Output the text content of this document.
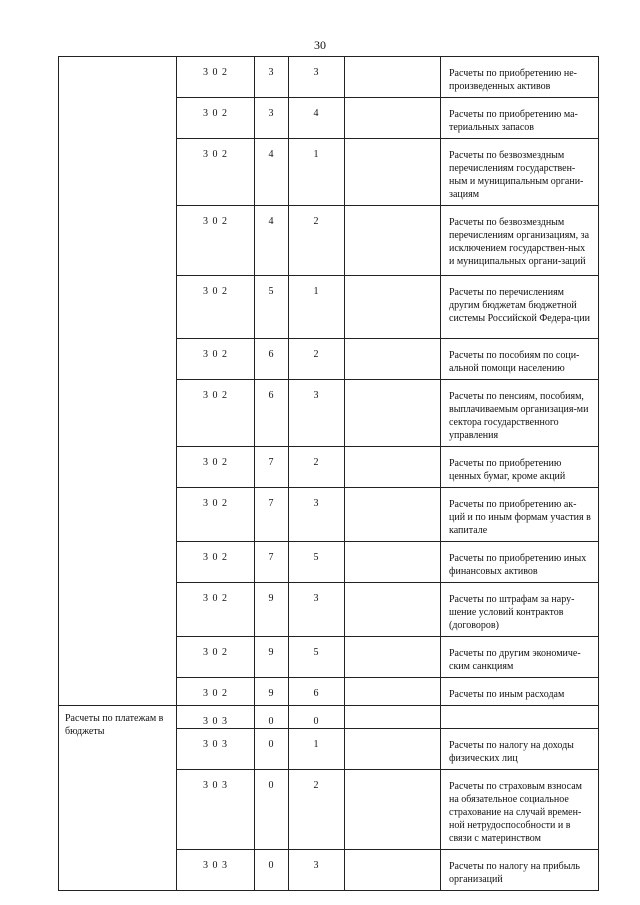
30
	3 0 2	3	3		Расчеты по приобретению не-произведенных активов
	3 0 2	3	4		Расчеты по приобретению ма-териальных запасов
	3 0 2	4	1		Расчеты по безвозмездным перечислениям государствен-ным и муниципальным органи-зациям
	3 0 2	4	2		Расчеты по безвозмездным перечислениям организациям, за исключением государствен-ных и муниципальных органи-заций
	3 0 2	5	1		Расчеты по перечислениям другим бюджетам бюджетной системы Российской Федера-ции
	3 0 2	6	2		Расчеты по пособиям по соци-альной помощи населению
	3 0 2	6	3		Расчеты по пенсиям, пособиям, выплачиваемым организация-ми сектора государственного управления
	3 0 2	7	2		Расчеты по приобретению ценных бумаг, кроме акций
	3 0 2	7	3		Расчеты по приобретению ак-ций и по иным формам участия в капитале
	3 0 2	7	5		Расчеты по приобретению иных финансовых активов
	3 0 2	9	3		Расчеты по штрафам за нару-шение условий контрактов (договоров)
	3 0 2	9	5		Расчеты по другим экономиче-ским санкциям
	3 0 2	9	6		Расчеты по иным расходам
Расчеты по платежам в бюджеты	3 0 3	0	0		
	3 0 3	0	1		Расчеты по налогу на доходы физических лиц
	3 0 3	0	2		Расчеты по страховым взносам на обязательное социальное страхование на случай времен-ной нетрудоспособности и в связи с материнством
	3 0 3	0	3		Расчеты по налогу на прибыль организаций
